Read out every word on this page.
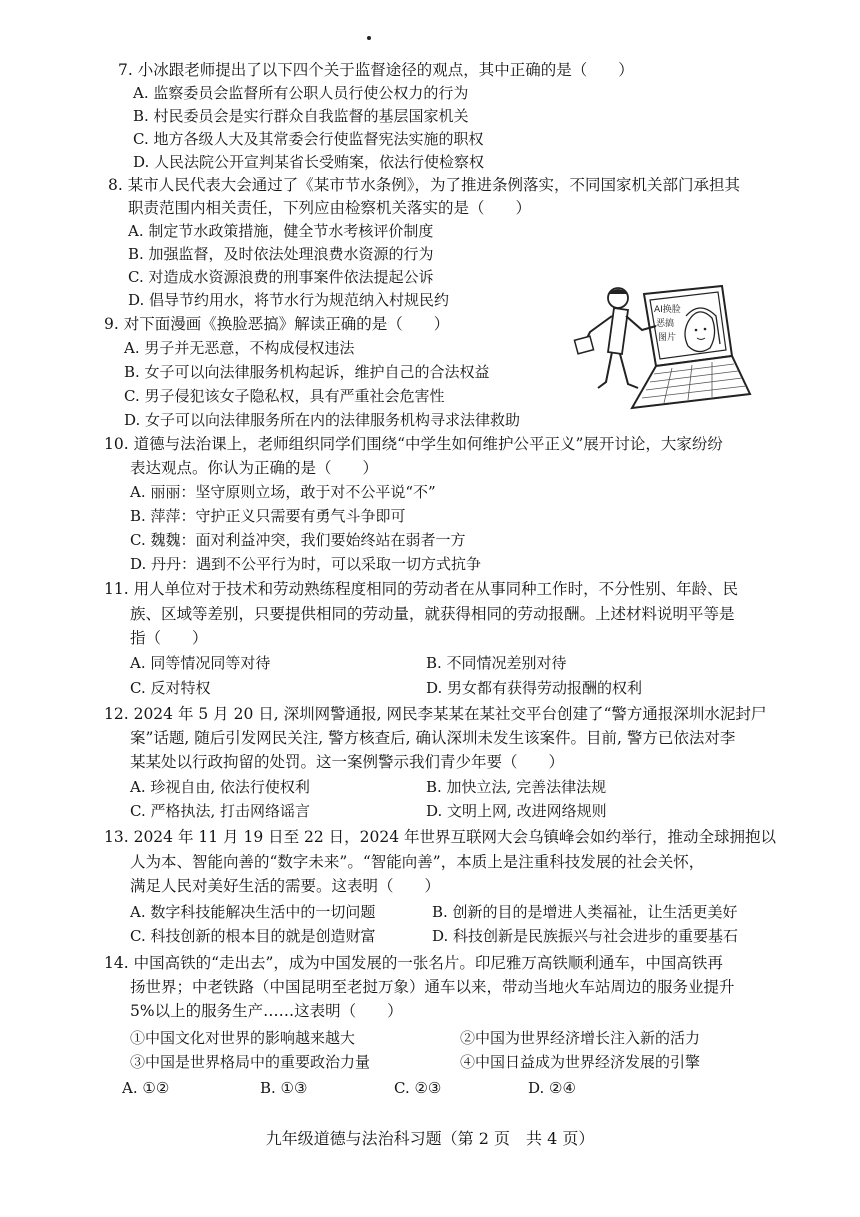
7. 小冰跟老师提出了以下四个关于监督途径的观点，其中正确的是（　　）
A. 监察委员会监督所有公职人员行使公权力的行为
B. 村民委员会是实行群众自我监督的基层国家机关
C. 地方各级人大及其常委会行使监督宪法实施的职权
D. 人民法院公开宣判某省长受贿案，依法行使检察权
8. 某市人民代表大会通过了《某市节水条例》，为了推进条例落实，不同国家机关部门承担其
职责范围内相关责任，下列应由检察机关落实的是（　　）
A. 制定节水政策措施，健全节水考核评价制度
B. 加强监督，及时依法处理浪费水资源的行为
C. 对造成水资源浪费的刑事案件依法提起公诉
D. 倡导节约用水，将节水行为规范纳入村规民约
9. 对下面漫画《换脸恶搞》解读正确的是（　　）
A. 男子并无恶意，不构成侵权违法
B. 女子可以向法律服务机构起诉，维护自己的合法权益
C. 男子侵犯该女子隐私权，具有严重社会危害性
D. 女子可以向法律服务所在内的法律服务机构寻求法律救助
AI换脸
恶搞
图片
10. 道德与法治课上，老师组织同学们围绕“中学生如何维护公平正义”展开讨论，大家纷纷
表达观点。你认为正确的是（　　）
A. 丽丽：坚守原则立场，敢于对不公平说“不”
B. 萍萍：守护正义只需要有勇气斗争即可
C. 魏魏：面对利益冲突，我们要始终站在弱者一方
D. 丹丹：遇到不公平行为时，可以采取一切方式抗争
11. 用人单位对于技术和劳动熟练程度相同的劳动者在从事同种工作时，不分性别、年龄、民
族、区域等差别，只要提供相同的劳动量，就获得相同的劳动报酬。上述材料说明平等是
指（　　）
A. 同等情况同等对待	B. 不同情况差别对待
C. 反对特权	D. 男女都有获得劳动报酬的权利
12. 2024 年 5 月 20 日, 深圳网警通报, 网民李某某在某社交平台创建了“警方通报深圳水泥封尸
案”话题, 随后引发网民关注, 警方核查后, 确认深圳未发生该案件。目前, 警方已依法对李
某某处以行政拘留的处罚。这一案例警示我们青少年要（　　）
A. 珍视自由, 依法行使权利	B. 加快立法, 完善法律法规
C. 严格执法, 打击网络谣言	D. 文明上网, 改进网络规则
13. 2024 年 11 月 19 日至 22 日，2024 年世界互联网大会乌镇峰会如约举行，推动全球拥抱以
人为本、智能向善的“数字未来”。“智能向善”，本质上是注重科技发展的社会关怀，
满足人民对美好生活的需要。这表明（　　）
A. 数字科技能解决生活中的一切问题	B. 创新的目的是增进人类福祉，让生活更美好
C. 科技创新的根本目的就是创造财富	D. 科技创新是民族振兴与社会进步的重要基石
14. 中国高铁的“走出去”，成为中国发展的一张名片。印尼雅万高铁顺利通车，中国高铁再
扬世界；中老铁路（中国昆明至老挝万象）通车以来，带动当地火车站周边的服务业提升
5%以上的服务生产……这表明（　　）
①中国文化对世界的影响越来越大	②中国为世界经济增长注入新的活力
③中国是世界格局中的重要政治力量	④中国日益成为世界经济发展的引擎
A. ①②	B. ①③	C. ②③	D. ②④
九年级道德与法治科习题（第 2 页　共 4 页）
